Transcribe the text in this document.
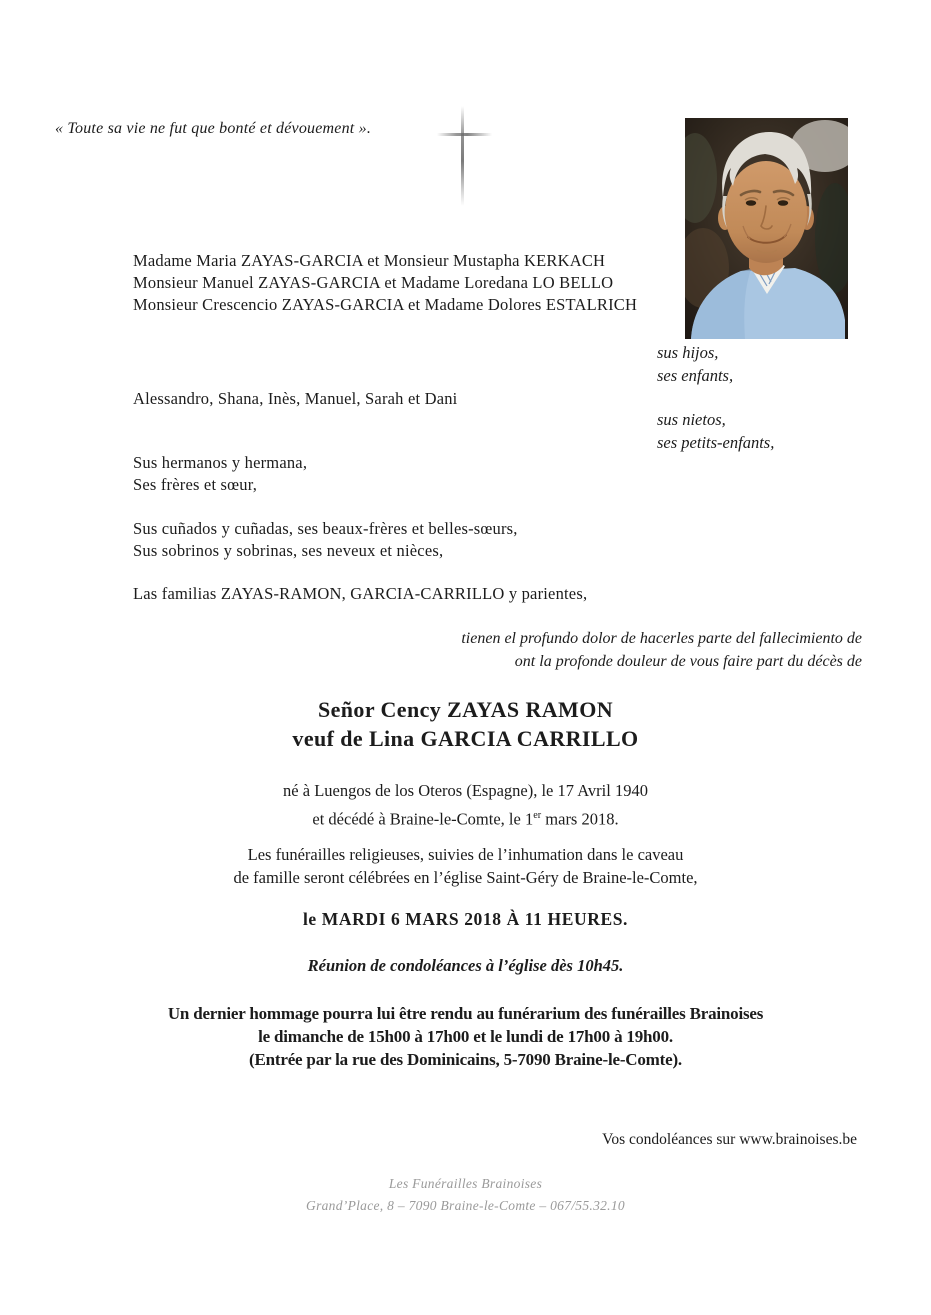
« Toute sa vie ne fut que bonté et dévouement ».
Madame Maria ZAYAS-GARCIA et Monsieur Mustapha KERKACH
Monsieur Manuel ZAYAS-GARCIA et Madame Loredana LO BELLO
Monsieur Crescencio ZAYAS-GARCIA et Madame Dolores ESTALRICH
sus hijos,
ses enfants,
Alessandro, Shana, Inès, Manuel, Sarah et Dani
sus nietos,
ses petits-enfants,
Sus hermanos y hermana,
Ses frères et sœur,
Sus cuñados y cuñadas, ses beaux-frères et belles-sœurs,
Sus sobrinos y sobrinas, ses neveux et nièces,
Las familias ZAYAS-RAMON, GARCIA-CARRILLO y parientes,
tienen el profundo dolor de hacerles parte del fallecimiento de
ont la profonde douleur de vous faire part du décès de
Señor Cency ZAYAS RAMON
veuf de Lina GARCIA CARRILLO
né à Luengos de los Oteros (Espagne), le 17 Avril 1940
et décédé à Braine-le-Comte, le 1er mars 2018.
Les funérailles religieuses, suivies de l’inhumation dans le caveau
de famille seront célébrées en l’église Saint-Géry de Braine-le-Comte,
le MARDI 6 MARS 2018 À 11 HEURES.
Réunion de condoléances à l’église dès 10h45.
Un dernier hommage pourra lui être rendu au funérarium des funérailles Brainoises
le dimanche de 15h00 à 17h00 et le lundi de 17h00 à 19h00.
(Entrée par la rue des Dominicains, 5-7090 Braine-le-Comte).
Vos condoléances sur www.brainoises.be
Les Funérailles Brainoises
Grand’Place, 8 – 7090 Braine-le-Comte – 067/55.32.10
